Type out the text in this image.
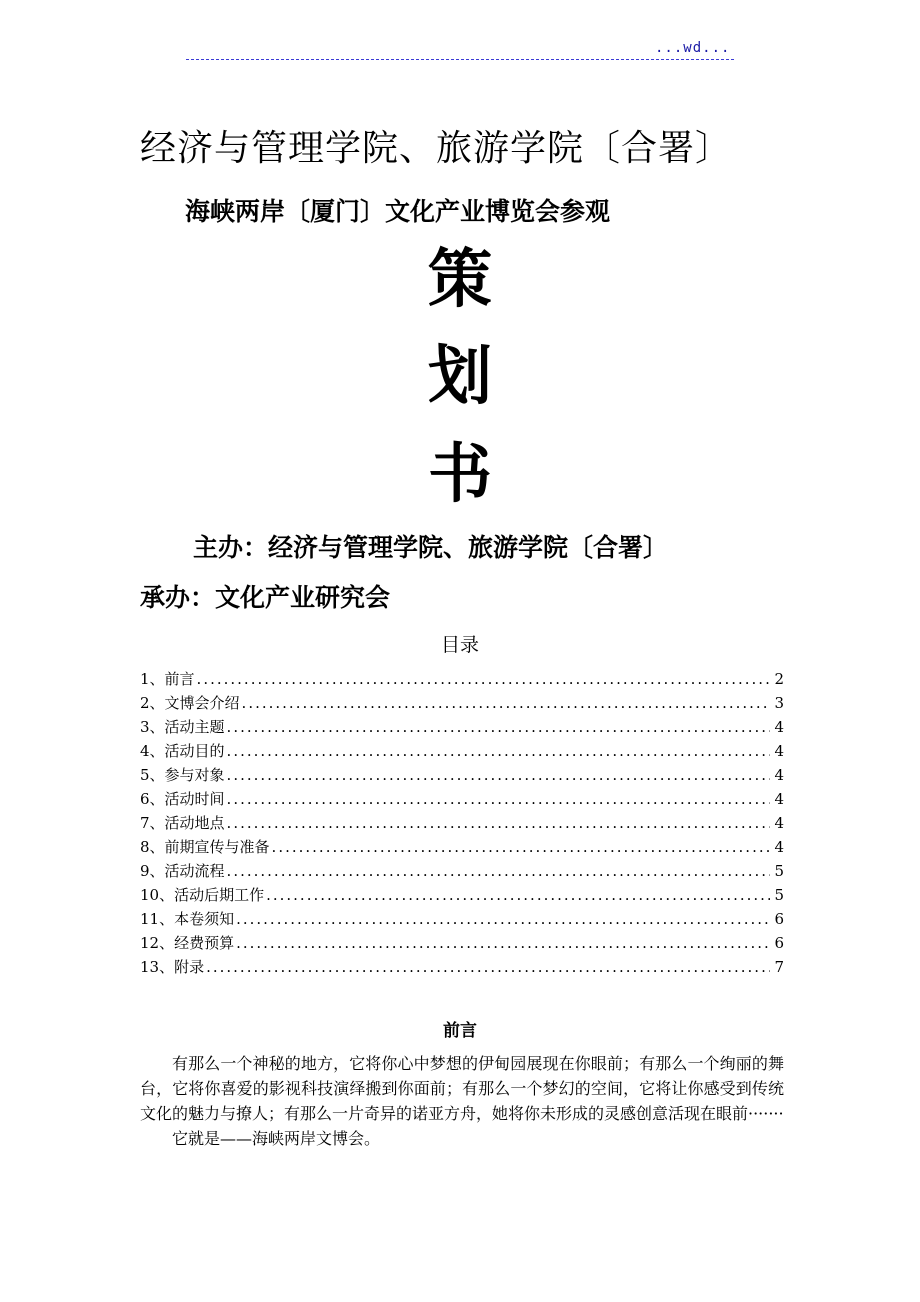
...wd...
经济与管理学院、旅游学院〔合署〕
海峡两岸〔厦门〕文化产业博览会参观
策
划
书
主办：经济与管理学院、旅游学院〔合署〕
承办：文化产业研究会
目录
1、前言 .....	2
2、文博会介绍 .....	3
3、活动主题 .....	4
4、活动目的 .....	4
5、参与对象 .....	4
6、活动时间 .....	4
7、活动地点 .....	4
8、前期宣传与准备 .....	4
9、活动流程 .....	5
10、活动后期工作 .....	5
11、本卷须知 .....	6
12、经费预算 .....	6
13、附录 .....	7
前言

有那么一个神秘的地方，它将你心中梦想的伊甸园展现在你眼前；有那么一个绚丽的舞台，它将你喜爱的影视科技演绎搬到你面前；有那么一个梦幻的空间，它将让你感受到传统文化的魅力与撩人；有那么一片奇异的诺亚方舟，她将你未形成的灵感创意活现在眼前·······

它就是——海峡两岸文博会。
